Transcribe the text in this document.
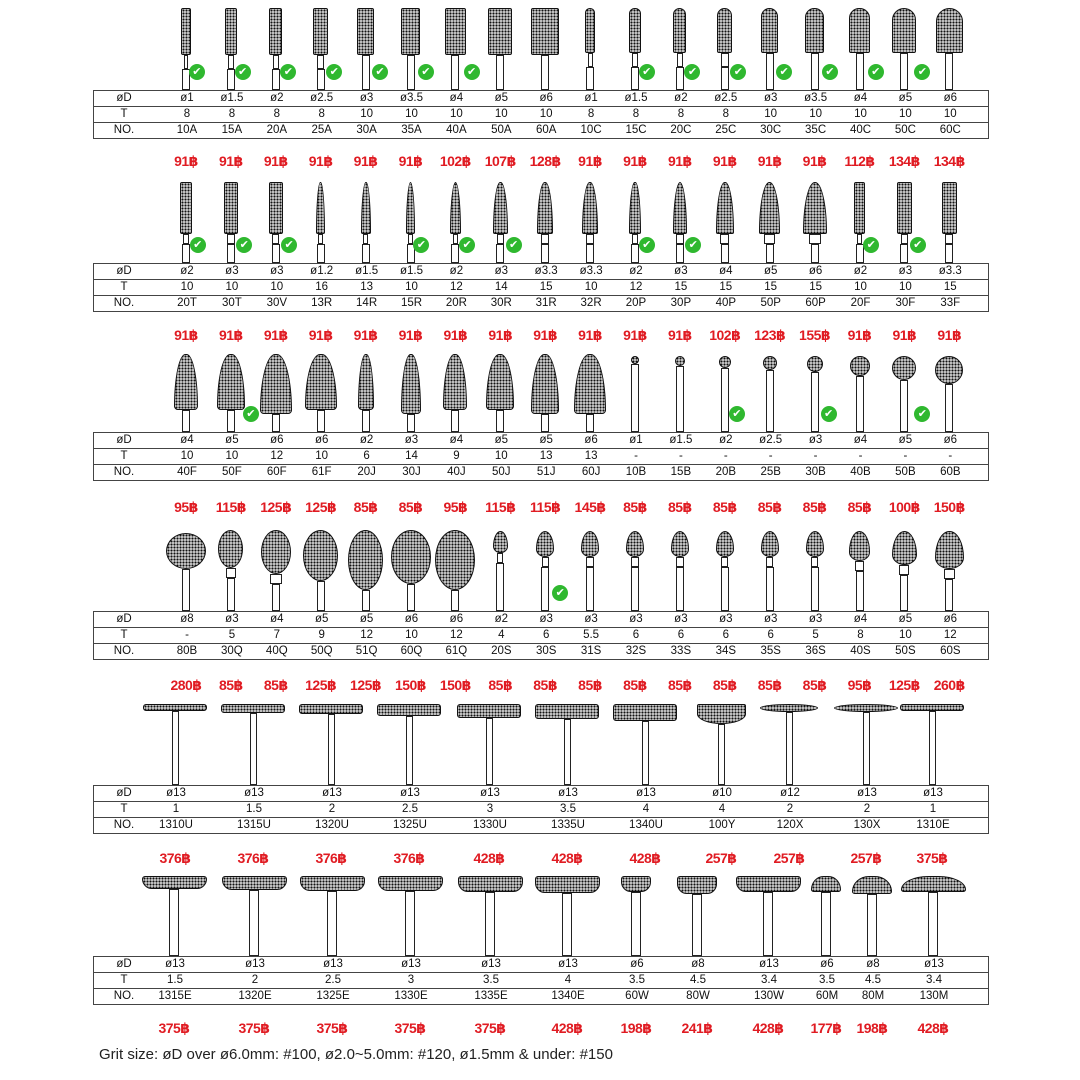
✔	✔	✔	✔	✔	✔	✔	✔	✔	✔	✔	✔	✔	✔
øD	ø1	ø1.5	ø2	ø2.5	ø3	ø3.5	ø4	ø5	ø6	ø1	ø1.5	ø2	ø2.5	ø3	ø3.5	ø4	ø5	ø6
T	8	8	8	8	10	10	10	10	10	8	8	8	8	10	10	10	10	10
NO.	10A	15A	20A	25A	30A	35A	40A	50A	60A	10C	15C	20C	25C	30C	35C	40C	50C	60C
91฿	91฿	91฿	91฿	91฿	91฿	102฿ 107฿ 128฿	91฿	91฿	91฿	91฿	91฿	91฿	112฿	134฿ 134฿
✔	✔	✔	✔	✔	✔	✔	✔	✔	✔
øD	ø2	ø3	ø3	ø1.2	ø1.5	ø1.5	ø2	ø3	ø3.3	ø3.3	ø2	ø3	ø4	ø5	ø6	ø2	ø3	ø3.3
T	10	10	10	16	13	10	12	14	15	10	12	15	15	15	15	10	10	15
NO.	20T	30T	30V	13R	14R	15R	20R	30R	31R	32R	20P	30P	40P	50P	60P	20F	30F	33F
91฿	91฿	91฿	91฿	91฿	91฿	91฿	91฿	91฿	91฿	91฿	91฿	102฿ 123฿ 155฿	91฿	91฿	91฿
✔	✔	✔	✔
øD	ø4	ø5	ø6	ø6	ø2	ø3	ø4	ø5	ø5	ø6	ø1	ø1.5	ø2	ø2.5	ø3	ø4	ø5	ø6
T	10	10	12	10	6	14	9	10	13	13	-	-	-	-	-	-	-	-
NO.	40F	50F	60F	61F	20J	30J	40J	50J	51J	60J	10B	15B	20B	25B	30B	40B	50B	60B
95฿	115฿	125฿ 125฿	85฿	85฿	95฿	115฿	115฿	145฿	85฿	85฿	85฿	85฿	85฿	85฿	100฿ 150฿
✔
øD	ø8	ø3	ø4	ø5	ø5	ø6	ø6	ø2	ø3	ø3	ø3	ø3	ø3	ø3	ø3	ø4	ø5	ø6
T	-	5	7	9	12	10	12	4	6	5.5	6	6	6	6	5	8	10	12
NO.	80B	30Q	40Q	50Q	51Q	60Q	61Q	20S	30S	31S	32S	33S	34S	35S	36S	40S	50S	60S
280฿	85฿	85฿	125฿ 125฿ 150฿ 150฿	85฿	85฿	85฿	85฿	85฿	85฿	85฿	85฿	95฿	125฿ 260฿
øD	ø13	ø13	ø13	ø13	ø13	ø13	ø13	ø10	ø12	ø13	ø13
T	1	1.5	2	2.5	3	3.5	4	4	2	2	1
NO.	1310U	1315U	1320U	1325U	1330U	1335U	1340U	100Y	120X	130X	1310E
376฿	376฿	376฿	376฿	428฿	428฿	428฿	257฿	257฿	257฿	375฿
øD	ø13	ø13	ø13	ø13	ø13	ø13	ø6	ø8	ø13	ø6	ø8	ø13
T	1.5	2	2.5	3	3.5	4	3.5	4.5	3.4	3.5	4.5	3.4
NO.	1315E	1320E	1325E	1330E	1335E	1340E	60W	80W	130W	60M	80M	130M
375฿	375฿	375฿	375฿	375฿	428฿	198฿	241฿	428฿	177฿	198฿	428฿
Grit size: øD over ø6.0mm: #100, ø2.0~5.0mm: #120, ø1.5mm & under: #150
